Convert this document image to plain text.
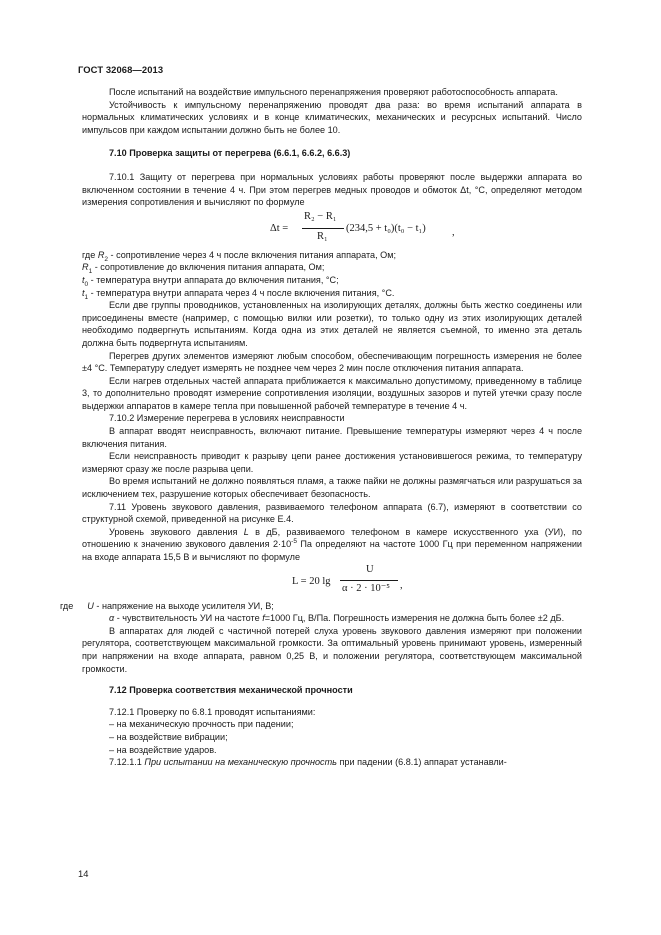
ГОСТ 32068—2013

После испытаний на воздействие импульсного перенапряжения проверяют работоспособность аппарата.

Устойчивость к импульсному перенапряжению проводят два раза: во время испытаний аппарата в нормальных климатических условиях и в конце климатических, механических и ресурсных испытаний. Число импульсов при каждом испытании должно быть не более 10.

7.10 Проверка защиты от перегрева (6.6.1, 6.6.2, 6.6.3)

7.10.1 Защиту от перегрева при нормальных условиях работы проверяют после выдержки аппарата во включенном состоянии в течение 4 ч. При этом перегрев медных проводов и обмоток Δt, °С, определяют методом измерения сопротивления и вычисляют по формуле

Δt =
R₂ − R₁
R₁
(234,5 + t₀)(t₀ − t₁)	,

где $R_2$ - сопротивление через 4 ч после включения питания аппарата, Ом;

$R_1$ - сопротивление до включения питания аппарата, Ом;

$t_0$ - температура внутри аппарата до включения питания, °С;

$t_1$ - температура внутри аппарата через 4 ч после включения питания, °С.

Если две группы проводников, установленных на изолирующих деталях, должны быть жестко соединены или присоединены вместе (например, с помощью вилки или розетки), то только одну из этих изолирующих деталей необходимо подвергнуть испытаниям. Когда одна из этих деталей не является съемной, то именно эта деталь должна быть подвергнута испытаниям.

Перегрев других элементов измеряют любым способом, обеспечивающим погрешность измерения не более ±4 °С. Температуру следует измерять не позднее чем через 2 мин после отключения питания аппарата.

Если нагрев отдельных частей аппарата приближается к максимально допустимому, приведенному в таблице 3, то дополнительно проводят измерение сопротивления изоляции, воздушных зазоров и путей утечки сразу после выдержки аппаратов в камере тепла при повышенной рабочей температуре в течение 4 ч.

7.10.2 Измерение перегрева в условиях неисправности

В аппарат вводят неисправность, включают питание. Превышение температуры измеряют через 4 ч после включения питания.

Если неисправность приводит к разрыву цепи ранее достижения установившегося режима, то температуру измеряют сразу же после разрыва цепи.

Во время испытаний не должно появляться пламя, а также пайки не должны размягчаться или разрушаться за исключением тех, разрушение которых обеспечивает безопасность.

7.11 Уровень звукового давления, развиваемого телефоном аппарата (6.7), измеряют в соответствии со структурной схемой, приведенной на рисунке Е.4.

Уровень звукового давления L в дБ, развиваемого телефоном в камере искусственного уха (УИ), по отношению к значению звукового давления $2\cdot 10^{-5}$ Па определяют на частоте 1000 Гц при переменном напряжении на входе аппарата 15,5 В и вычисляют по формуле

L = 20 lg
U
α · 2 · 10⁻⁵ ,

где U - напряжение на выходе усилителя УИ, В;

α - чувствительность УИ на частоте f=1000 Гц, В/Па. Погрешность измерения не должна быть более ±2 дБ.

В аппаратах для людей с частичной потерей слуха уровень звукового давления измеряют при положении регулятора, соответствующем максимальной громкости. За оптимальный уровень принимают уровень, измеренный при напряжении на входе аппарата, равном 0,25 В, и положении регулятора, соответствующем максимальной громкости.

7.12 Проверка соответствия механической прочности

7.12.1 Проверку по 6.8.1 проводят испытаниями:

– на механическую прочность при падении;

– на воздействие вибрации;

– на воздействие ударов.

7.12.1.1 При испытании на механическую прочность при падении (6.8.1) аппарат устанавли-

14
